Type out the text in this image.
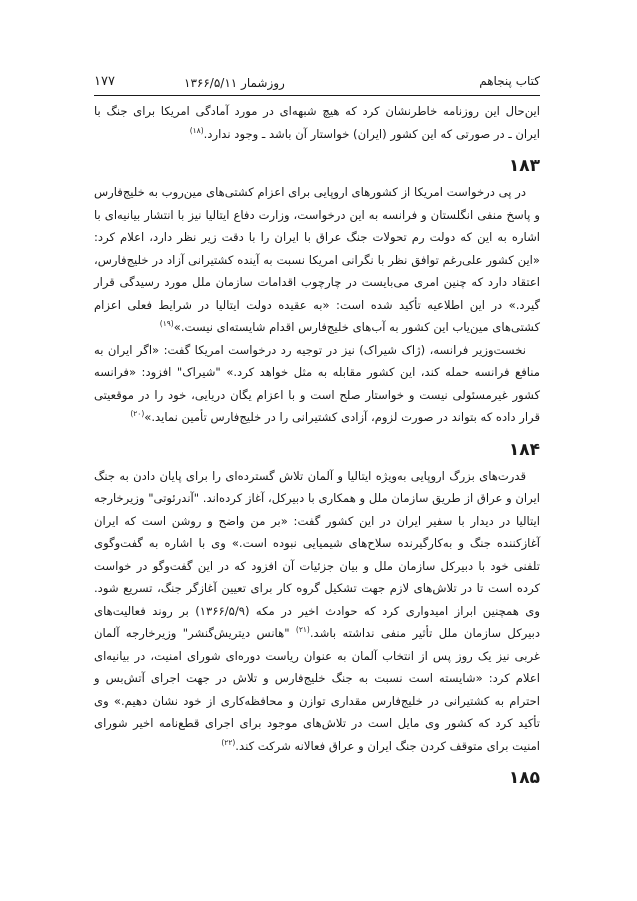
کتاب پنجاهم
روزشمار ۱۳۶۶/۵/۱۱
۱۷۷

این‌حال این روزنامه خاطرنشان کرد که هیچ شبهه‌ای در مورد آمادگی امریکا برای جنگ با ایران ـ در صورتی که این کشور (ایران) خواستار آن باشد ـ وجود ندارد.$^{(۱۸)}$

۱۸۳

در پی درخواست امریکا از کشورهای اروپایی برای اعزام کشتی‌های مین‌روب به خلیج‌فارس و پاسخ منفی انگلستان و فرانسه به این درخواست، وزارت دفاع ایتالیا نیز با انتشار بیانیه‌ای با اشاره به این که دولت رم تحولات جنگ عراق با ایران را با دقت زیر نظر دارد، اعلام کرد: «این کشور علی‌رغم توافق نظر با نگرانی امریکا نسبت به آینده کشتیرانی آزاد در خلیج‌فارس، اعتقاد دارد که چنین امری می‌بایست در چارچوب اقدامات سازمان ملل مورد رسیدگی قرار گیرد.» در این اطلاعیه تأکید شده است: «به عقیده دولت ایتالیا در شرایط فعلی اعزام کشتی‌های مین‌یاب این کشور به آب‌های خلیج‌فارس اقدام شایسته‌ای نیست.»$^{(۱۹)}$

نخست‌وزیر فرانسه، (ژاک شیراک) نیز در توجیه رد درخواست امریکا گفت: «اگر ایران به منافع فرانسه حمله کند، این کشور مقابله به مثل خواهد کرد.» "شیراک" افزود: «فرانسه کشور غیرمسئولی نیست و خواستار صلح است و با اعزام یگان دریایی، خود را در موقعیتی قرار داده که بتواند در صورت لزوم، آزادی کشتیرانی را در خلیج‌فارس تأمین نماید.»$^{(۲۰)}$

۱۸۴

قدرت‌های بزرگ اروپایی به‌ویژه ایتالیا و آلمان تلاش گسترده‌ای را برای پایان دادن به جنگ ایران و عراق از طریق سازمان ملل و همکاری با دبیرکل، آغاز کرده‌اند. "آندرئوتی" وزیرخارجه ایتالیا در دیدار با سفیر ایران در این کشور گفت: «بر من واضح و روشن است که ایران آغازکننده جنگ و به‌کارگیرنده سلاح‌های شیمیایی نبوده است.» وی با اشاره به گفت‌وگوی تلفنی خود با دبیرکل سازمان ملل و بیان جزئیات آن افزود که در این گفت‌وگو در خواست کرده است تا در تلاش‌های لازم جهت تشکیل گروه کار برای تعیین آغازگر جنگ، تسریع شود. وی همچنین ابراز امیدواری کرد که حوادث اخیر در مکه (۱۳۶۶/۵/۹) بر روند فعالیت‌های دبیرکل سازمان ملل تأثیر منفی نداشته باشد.$^{(۲۱)}$ "هانس دیتریش‌گنشر" وزیرخارجه آلمان غربی نیز یک روز پس از انتخاب آلمان به عنوان ریاست دوره‌ای شورای امنیت، در بیانیه‌ای اعلام کرد: «شایسته است نسبت به جنگ خلیج‌فارس و تلاش در جهت اجرای آتش‌بس و احترام به کشتیرانی در خلیج‌فارس مقداری توازن و محافظه‌کاری از خود نشان دهیم.» وی تأکید کرد که کشور وی مایل است در تلاش‌های موجود برای اجرای قطع‌نامه اخیر شورای امنیت برای متوقف کردن جنگ ایران و عراق فعالانه شرکت کند.$^{(۲۲)}$

۱۸۵
